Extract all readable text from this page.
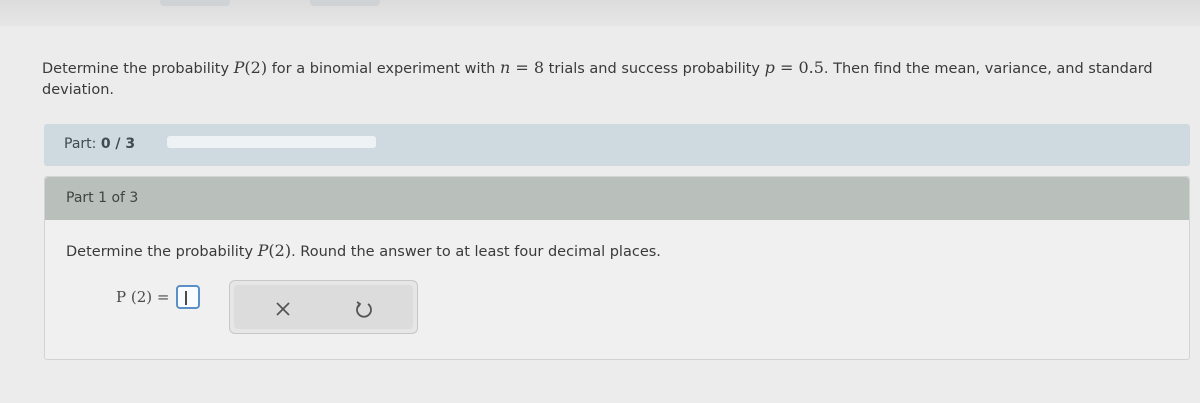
Determine the probability P(2) for a binomial experiment with n = 8 trials and success probability p = 0.5. Then find the mean, variance, and standard deviation.
Part: 0 / 3
Part 1 of 3
Determine the probability P(2). Round the answer to at least four decimal places.
P (2) =
